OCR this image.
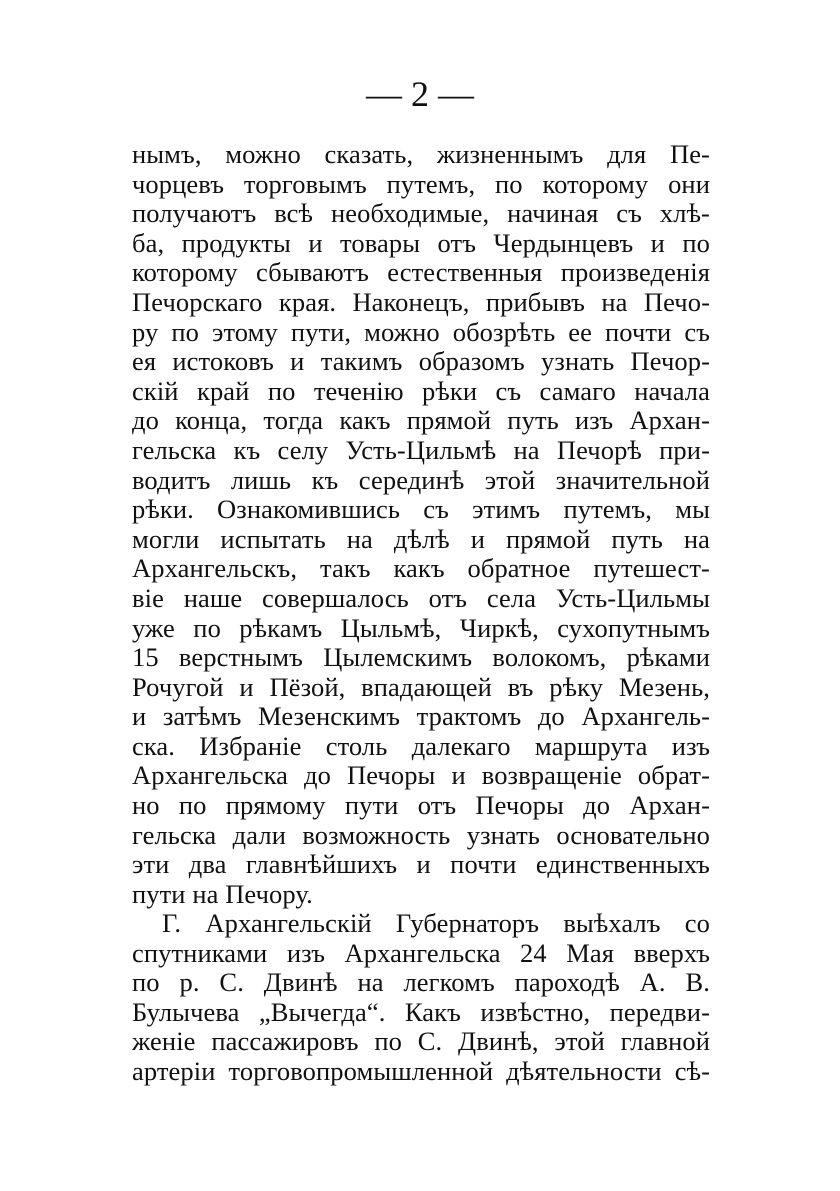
— 2 —
нымъ, можно сказать, жизненнымъ для Пе-
чорцевъ торговымъ путемъ, по которому они
получаютъ всѣ необходимые, начиная съ хлѣ-
ба, продукты и товары отъ Чердынцевъ и по
которому сбываютъ естественныя произведенія
Печорскаго края. Наконецъ, прибывъ на Печо-
ру по этому пути, можно обозрѣть ее почти съ
ея истоковъ и такимъ образомъ узнать Печор-
скій край по теченію рѣки съ самаго начала
до конца, тогда какъ прямой путь изъ Архан-
гельска къ селу Усть-Цильмѣ на Печорѣ при-
водитъ лишь къ серединѣ этой значительной
рѣки. Ознакомившись съ этимъ путемъ, мы
могли испытать на дѣлѣ и прямой путь на
Архангельскъ, такъ какъ обратное путешест-
віе наше совершалось отъ села Усть-Цильмы
уже по рѣкамъ Цыльмѣ, Чиркѣ, сухопутнымъ
15 верстнымъ Цылемскимъ волокомъ, рѣками
Рочугой и Пёзой, впадающей въ рѣку Мезень,
и затѣмъ Мезенскимъ трактомъ до Архангель-
ска. Избраніе столь далекаго маршрута изъ
Архангельска до Печоры и возвращеніе обрат-
но по прямому пути отъ Печоры до Архан-
гельска дали возможность узнать основательно
эти два главнѣйшихъ и почти единственныхъ
пути на Печору.
Г. Архангельскій Губернаторъ выѣхалъ со
спутниками изъ Архангельска 24 Мая вверхъ
по р. С. Двинѣ на легкомъ пароходѣ А. В.
Булычева „Вычегда“. Какъ извѣстно, передви-
женіе пассажировъ по С. Двинѣ, этой главной
артеріи торговопромышленной дѣятельности сѣ-
